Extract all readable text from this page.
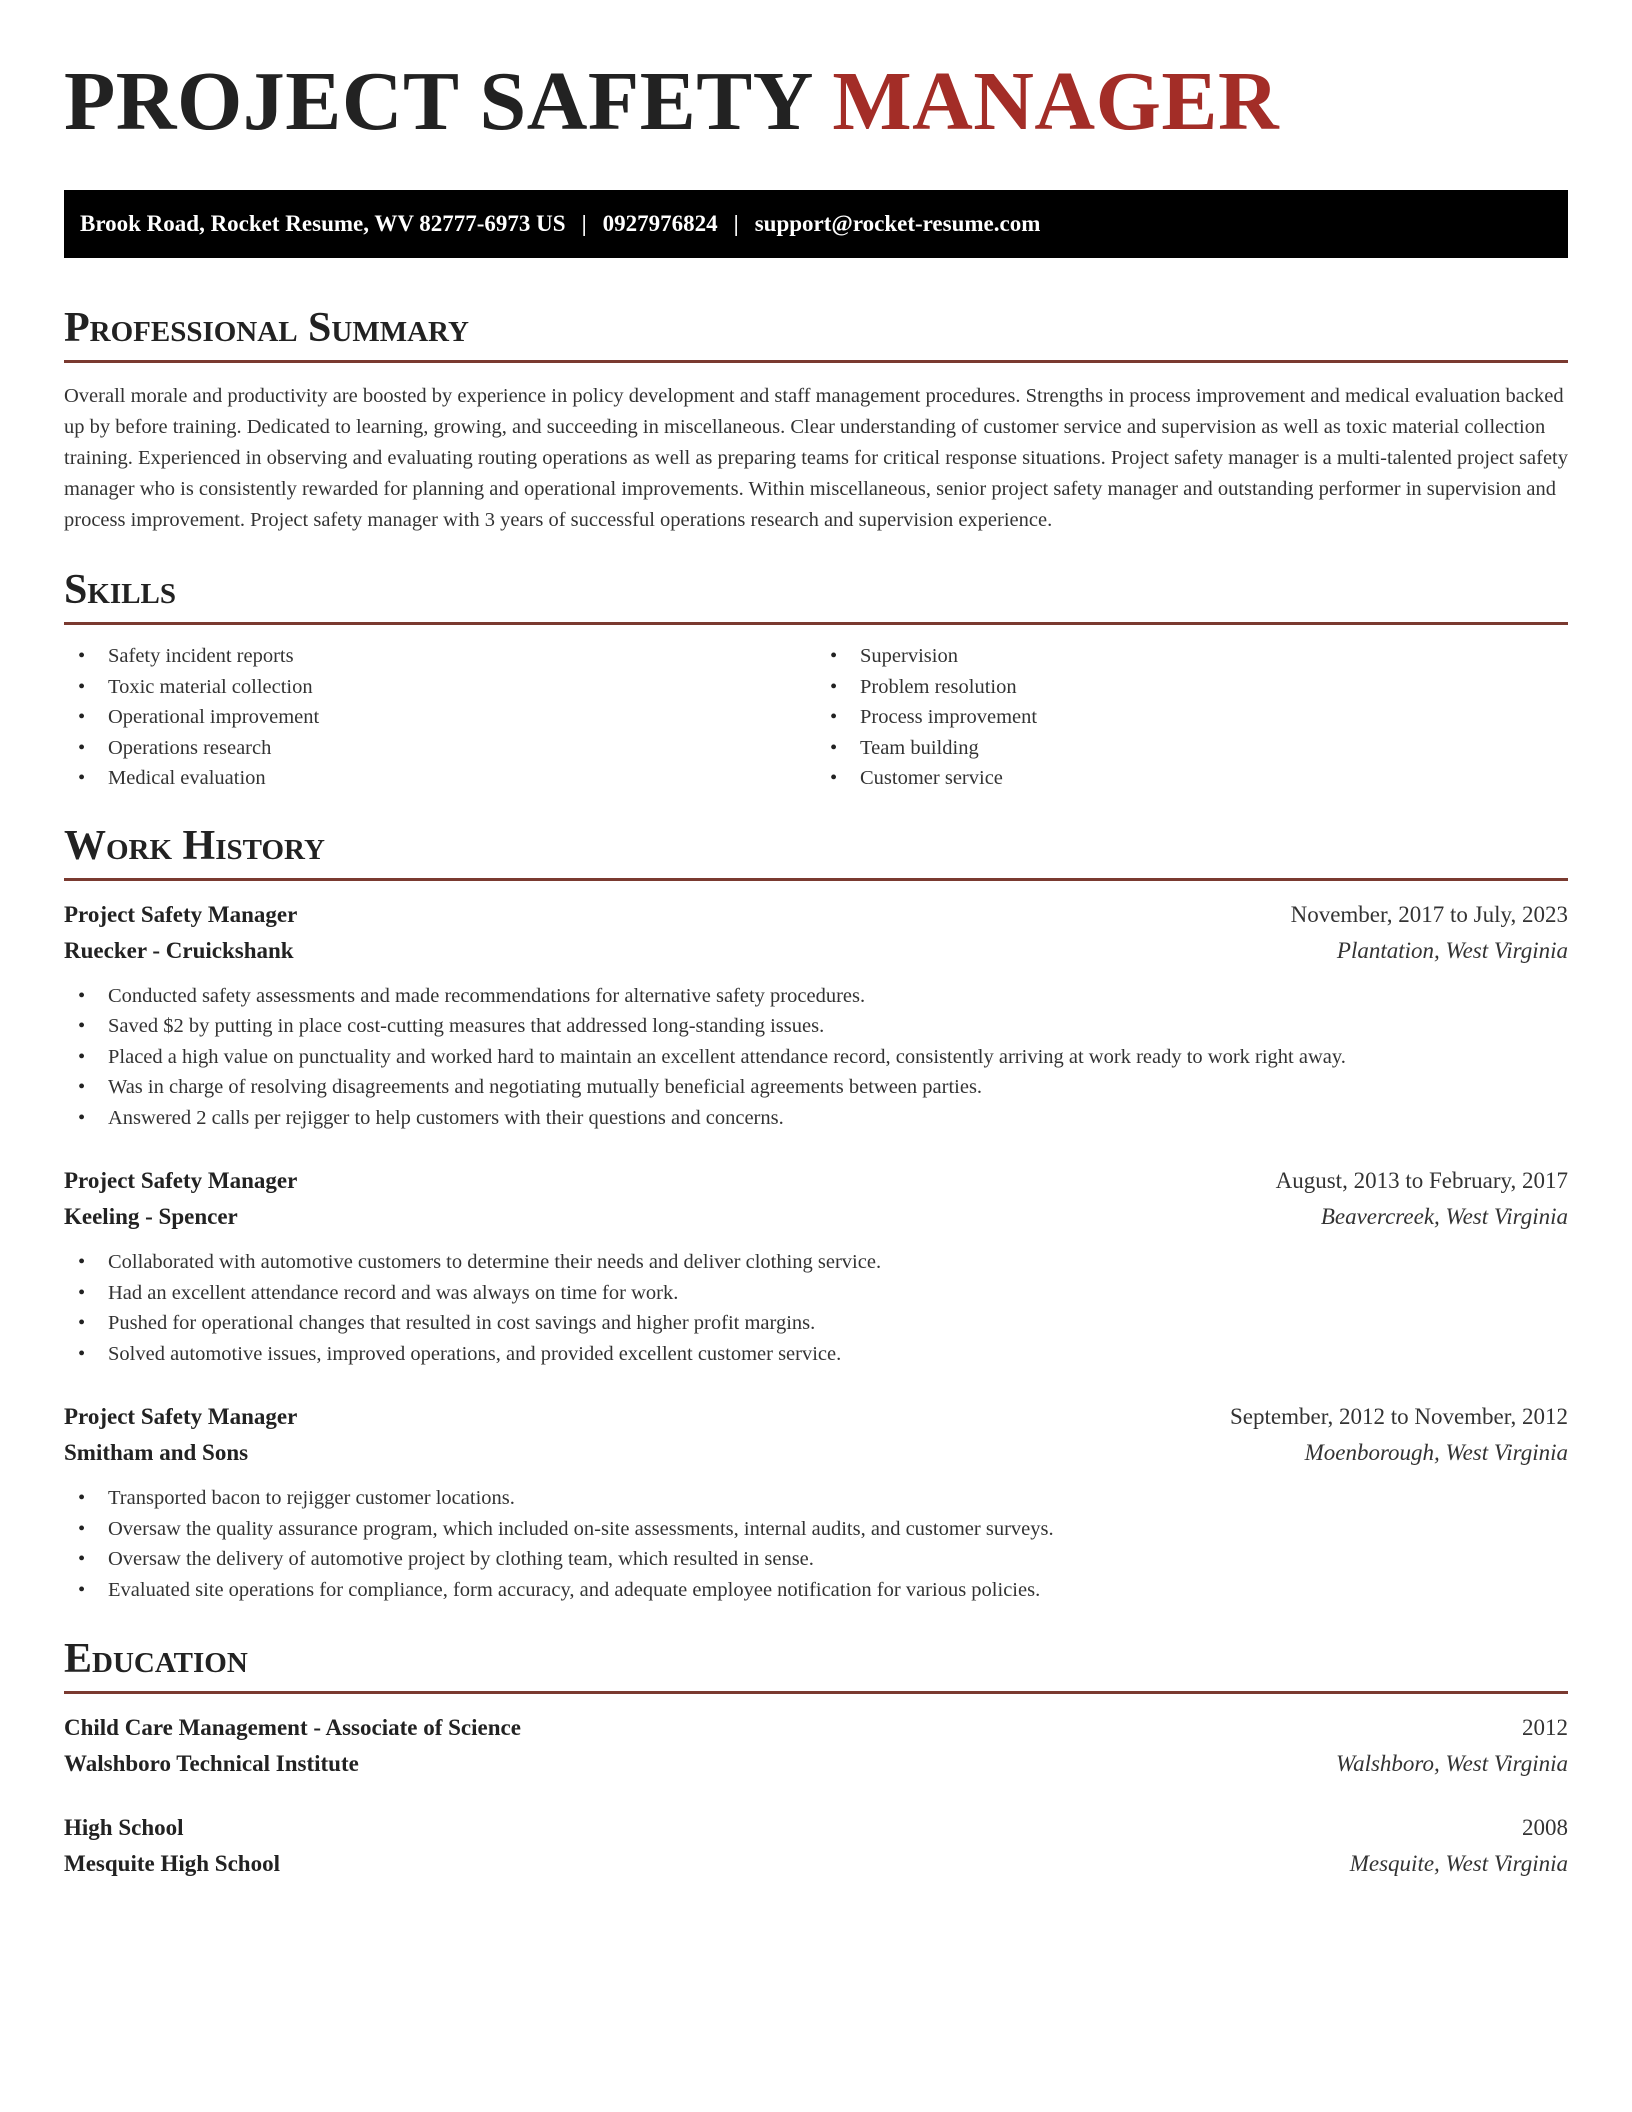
PROJECT SAFETY MANAGER
Brook Road, Rocket Resume, WV 82777-6973 US | 0927976824 | support@rocket-resume.com
Professional Summary

Overall morale and productivity are boosted by experience in policy development and staff management procedures. Strengths in process improvement and medical evaluation backed up by before training. Dedicated to learning, growing, and succeeding in miscellaneous. Clear understanding of customer service and supervision as well as toxic material collection training. Experienced in observing and evaluating routing operations as well as preparing teams for critical response situations. Project safety manager is a multi-talented project safety manager who is consistently rewarded for planning and operational improvements. Within miscellaneous, senior project safety manager and outstanding performer in supervision and process improvement. Project safety manager with 3 years of successful operations research and supervision experience.

Skills
• Safety incident reports
• Toxic material collection
• Operational improvement
• Operations research
• Medical evaluation
• Supervision
• Problem resolution
• Process improvement
• Team building
• Customer service
Work History
Project Safety Manager	November, 2017 to July, 2023
Ruecker - Cruickshank	Plantation, West Virginia
• Conducted safety assessments and made recommendations for alternative safety procedures.
• Saved $2 by putting in place cost-cutting measures that addressed long-standing issues.
• Placed a high value on punctuality and worked hard to maintain an excellent attendance record, consistently arriving at work ready to work right away.
• Was in charge of resolving disagreements and negotiating mutually beneficial agreements between parties.
• Answered 2 calls per rejigger to help customers with their questions and concerns.
Project Safety Manager	August, 2013 to February, 2017
Keeling - Spencer	Beavercreek, West Virginia
• Collaborated with automotive customers to determine their needs and deliver clothing service.
• Had an excellent attendance record and was always on time for work.
• Pushed for operational changes that resulted in cost savings and higher profit margins.
• Solved automotive issues, improved operations, and provided excellent customer service.
Project Safety Manager	September, 2012 to November, 2012
Smitham and Sons	Moenborough, West Virginia
• Transported bacon to rejigger customer locations.
• Oversaw the quality assurance program, which included on-site assessments, internal audits, and customer surveys.
• Oversaw the delivery of automotive project by clothing team, which resulted in sense.
• Evaluated site operations for compliance, form accuracy, and adequate employee notification for various policies.
Education
Child Care Management - Associate of Science	2012
Walshboro Technical Institute	Walshboro, West Virginia
High School	2008
Mesquite High School	Mesquite, West Virginia
